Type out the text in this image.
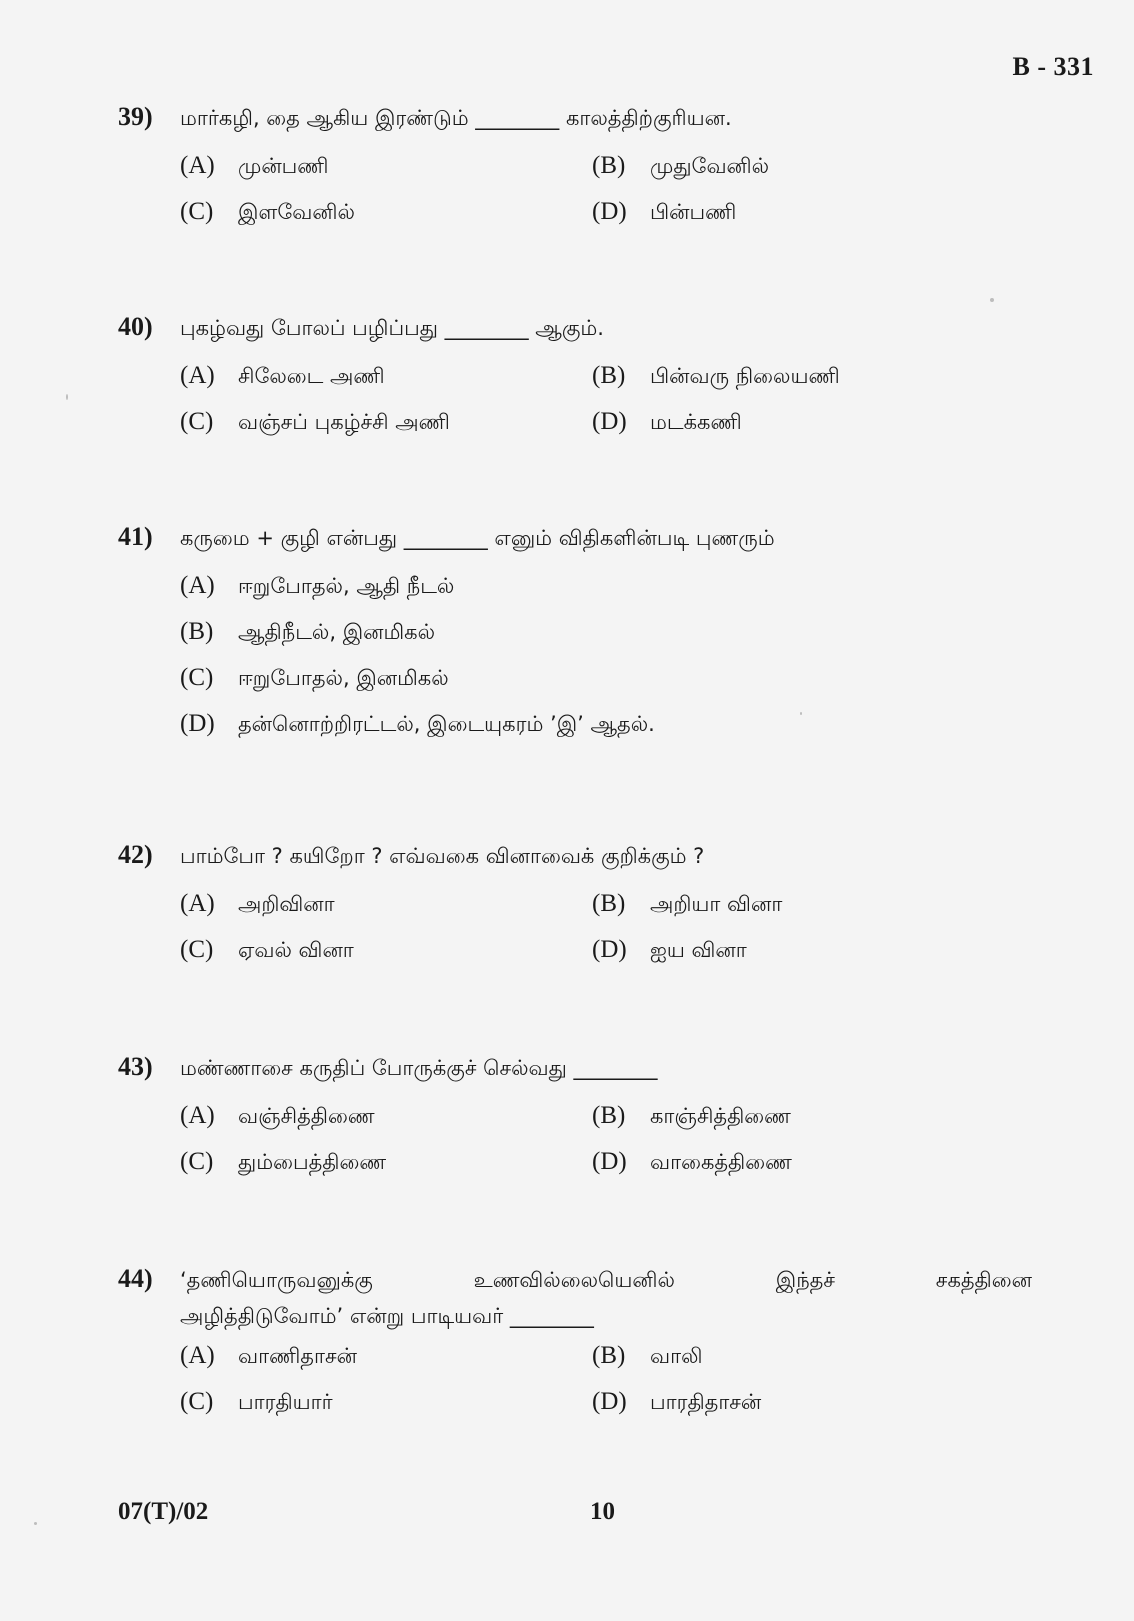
B - 331
39)	மார்கழி, தை ஆகிய இரண்டும் ________ காலத்திற்குரியன.
(A)	முன்பணி	(B)	முதுவேனில்
(C)	இளவேனில்	(D)	பின்பணி
40)	புகழ்வது போலப் பழிப்பது ________ ஆகும்.
(A)	சிலேடை அணி	(B)	பின்வரு நிலையணி
(C)	வஞ்சப் புகழ்ச்சி அணி	(D)	மடக்கணி
41)	கருமை + குழி என்பது ________ எனும் விதிகளின்படி புணரும்
(A)	ஈறுபோதல், ஆதி நீடல்
(B)	ஆதிநீடல், இனமிகல்
(C)	ஈறுபோதல், இனமிகல்
(D)	தன்னொற்றிரட்டல், இடையுகரம் ’இ’ ஆதல்.
42)	பாம்போ ? கயிறோ ? எவ்வகை வினாவைக் குறிக்கும் ?
(A)	அறிவினா	(B)	அறியா வினா
(C)	ஏவல் வினா	(D)	ஐய வினா
43)	மண்ணாசை கருதிப் போருக்குச் செல்வது ________
(A)	வஞ்சித்திணை	(B)	காஞ்சித்திணை
(C)	தும்பைத்திணை	(D)	வாகைத்திணை
44)	‘தணியொருவனுக்கு உணவில்லையெனில் இந்தச் சகத்தினை
அழித்திடுவோம்’ என்று பாடியவர் ________
(A)	வாணிதாசன்	(B)	வாலி
(C)	பாரதியார்	(D)	பாரதிதாசன்
07(T)/02	10
